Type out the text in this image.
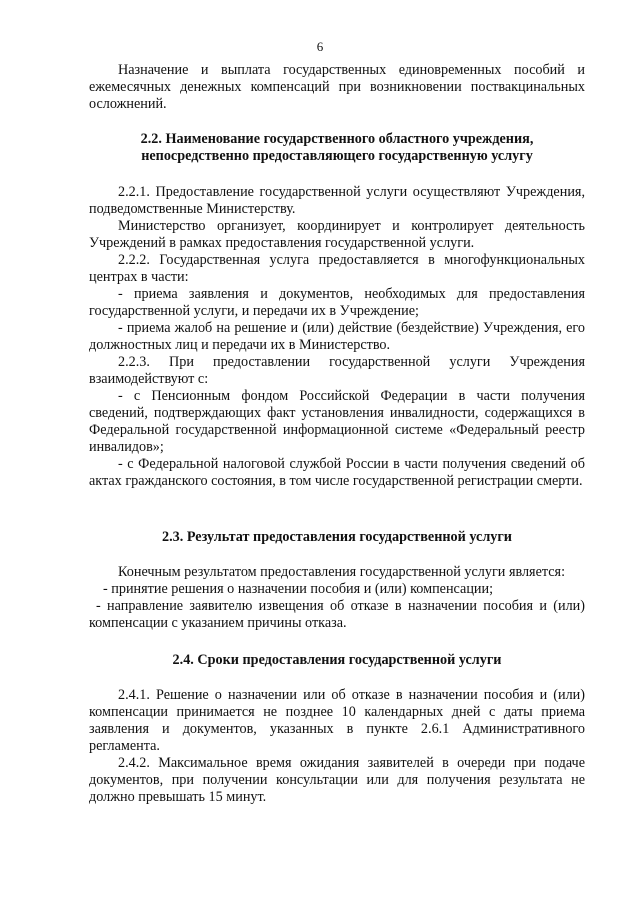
6

Назначение и выплата государственных единовременных пособий и ежемесячных денежных компенсаций при возникновении поствакцинальных осложнений.

2.2. Наименование государственного областного учреждения,
непосредственно предоставляющего государственную услугу

2.2.1. Предоставление государственной услуги осуществляют Учреждения, подведомственные Министерству.

Министерство организует, координирует и контролирует деятельность Учреждений в рамках предоставления государственной услуги.

2.2.2. Государственная услуга предоставляется в многофункциональных центрах в части:

- приема заявления и документов, необходимых для предоставления государственной услуги, и передачи их в Учреждение;

- приема жалоб на решение и (или) действие (бездействие) Учреждения, его должностных лиц и передачи их в Министерство.

2.2.3. При предоставлении государственной услуги Учреждения взаимодействуют с:

- с Пенсионным фондом Российской Федерации в части получения сведений, подтверждающих факт установления инвалидности, содержащихся в Федеральной государственной информационной системе «Федеральный реестр инвалидов»;

- с Федеральной налоговой службой России в части получения сведений об актах гражданского состояния, в том числе государственной регистрации смерти.

2.3. Результат предоставления государственной услуги

Конечным результатом предоставления государственной услуги является:

- принятие решения о назначении пособия и (или) компенсации;

- направление заявителю извещения об отказе в назначении пособия и (или) компенсации с указанием причины отказа.

2.4. Сроки предоставления государственной услуги

2.4.1. Решение о назначении или об отказе в назначении пособия и (или) компенсации принимается не позднее 10 календарных дней с даты приема заявления и документов, указанных в пункте 2.6.1 Административного регламента.

2.4.2. Максимальное время ожидания заявителей в очереди при подаче документов, при получении консультации или для получения результата не должно превышать 15 минут.
